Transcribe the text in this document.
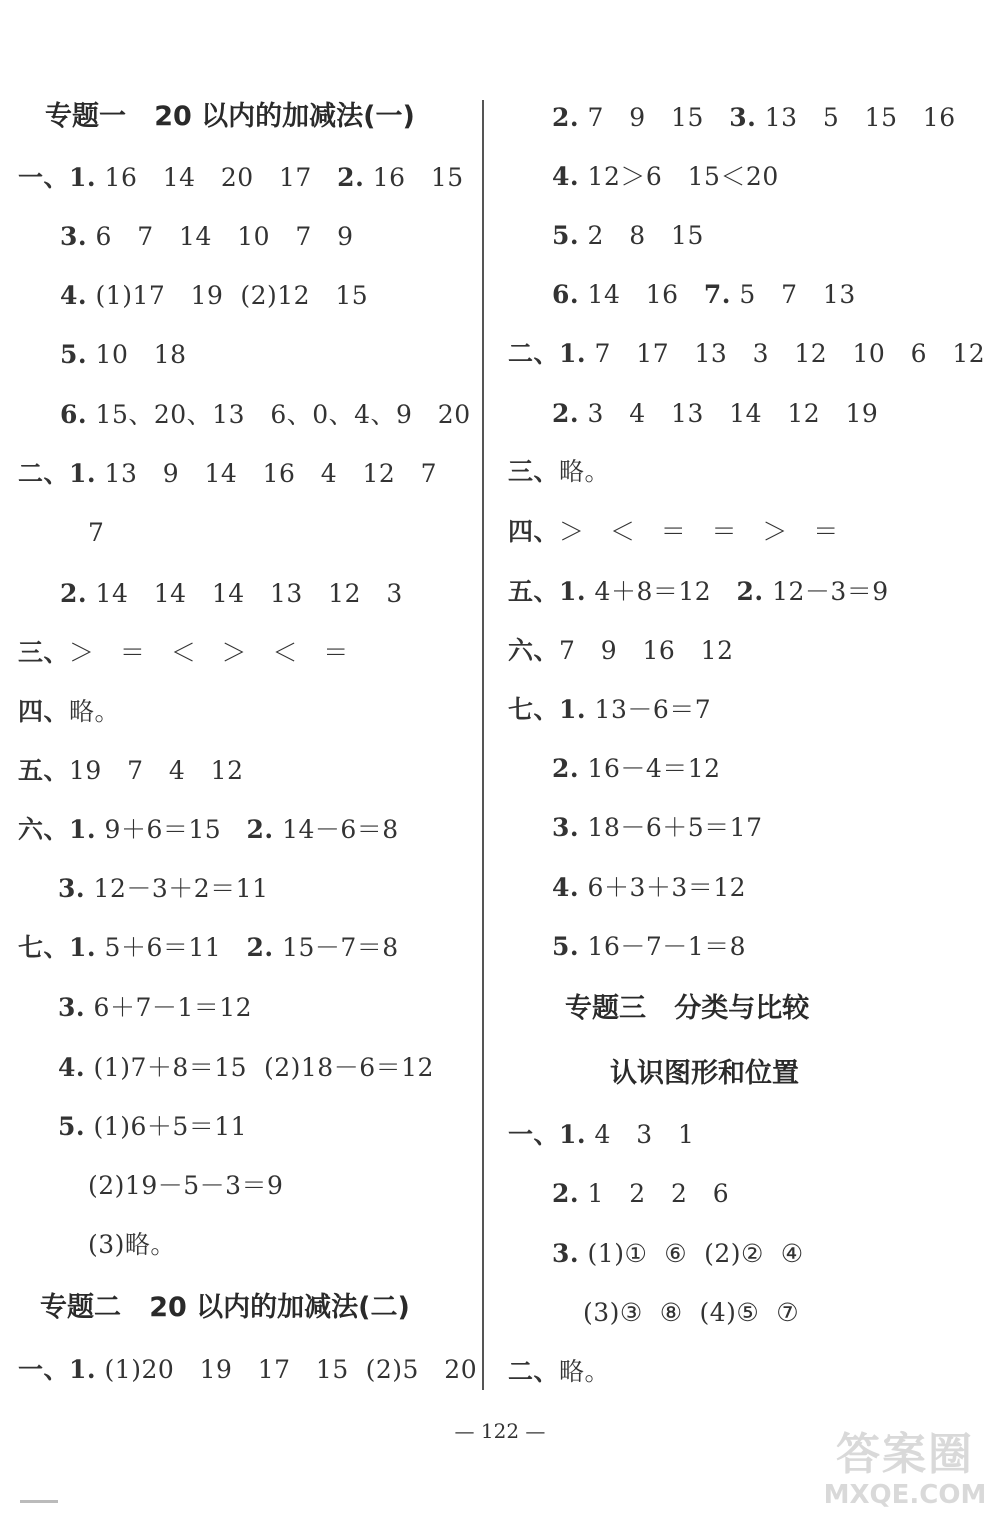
专题一   20 以内的加减法(一)
一、1. 16   14   20   17   2. 16   15
3. 6   7   14   10   7   9
4. (1)17   19  (2)12   15
5. 10   18
6. 15、20、13   6、0、4、9   20
二、1. 13   9   14   16   4   12   7
7
2. 14   14   14   13   12   3
三、＞   ＝   ＜   ＞   ＜   ＝
四、略。
五、19   7   4   12
六、1. 9＋6＝15   2. 14－6＝8
3. 12－3＋2＝11
七、1. 5＋6＝11   2. 15－7＝8
3. 6＋7－1＝12
4. (1)7＋8＝15  (2)18－6＝12
5. (1)6＋5＝11
(2)19－5－3＝9
(3)略。
专题二   20 以内的加减法(二)
一、1. (1)20   19   17   15  (2)5   20
2. 7   9   15   3. 13   5   15   16
4. 12＞6   15＜20
5. 2   8   15
6. 14   16   7. 5   7   13
二、1. 7   17   13   3   12   10   6   12
2. 3   4   13   14   12   19
三、略。
四、＞   ＜   ＝   ＝   ＞   ＝
五、1. 4＋8＝12   2. 12－3＝9
六、7   9   16   12
七、1. 13－6＝7
2. 16－4＝12
3. 18－6＋5＝17
4. 6＋3＋3＝12
5. 16－7－1＝8
专题三   分类与比较
认识图形和位置
一、1. 4   3   1
2. 1   2   2   6
3. (1)①  ⑥  (2)②  ④
(3)③  ⑧  (4)⑤  ⑦
二、略。
— 122 —	答案圈
MXQE.COM
